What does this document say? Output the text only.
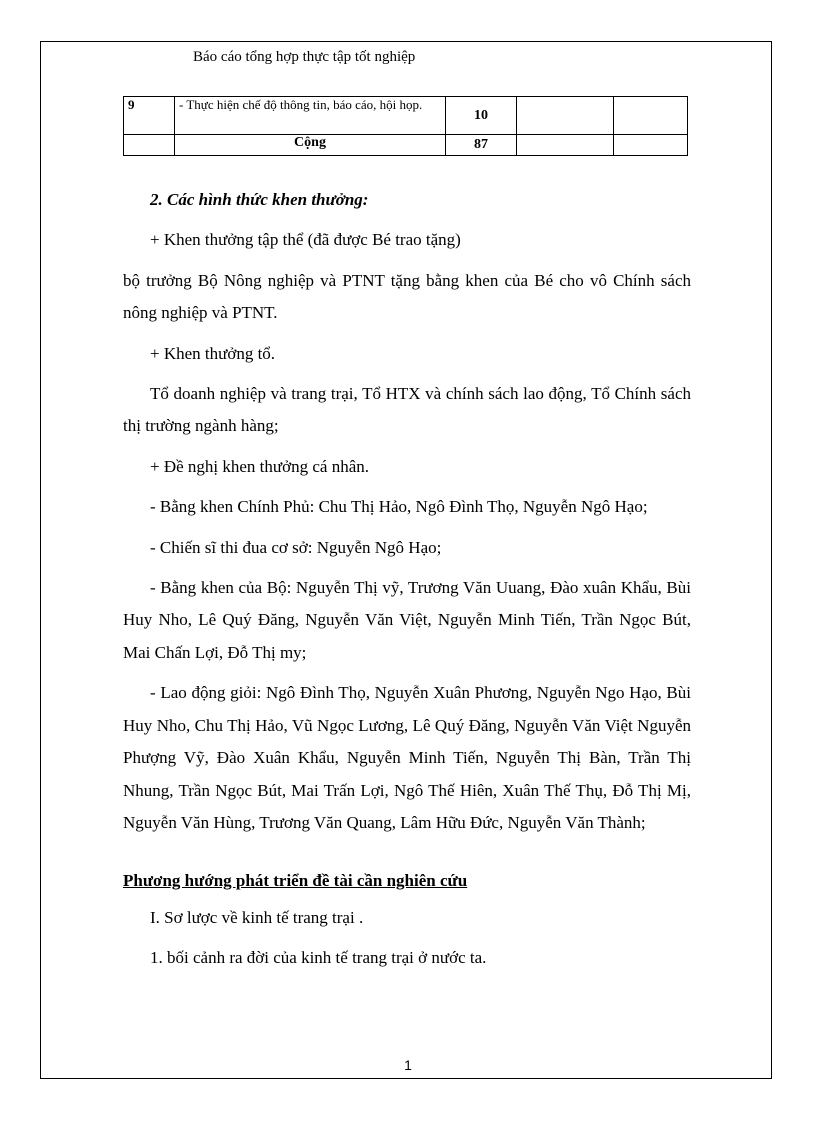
Báo cáo tổng hợp thực tập tốt nghiệp
9	- Thực hiện chế độ thông tin, báo cáo, hội họp.	10		
	Cộng	87		

2. Các hình thức khen thưởng:

+ Khen thưởng tập thể (đã được Bé trao tặng)

bộ trưởng Bộ Nông nghiệp và PTNT tặng bằng khen của Bé cho vô Chính sách nông nghiệp và PTNT.

+ Khen thưởng tổ.

Tổ doanh nghiệp và trang trại, Tổ HTX và chính sách lao động, Tổ Chính sách thị trường ngành hàng;

+ Đề nghị khen thưởng cá nhân.

- Bằng khen Chính Phủ: Chu Thị Hảo, Ngô Đình Thọ, Nguyễn Ngô Hạo;

- Chiến sĩ thi đua cơ sở: Nguyễn Ngô Hạo;

- Bằng khen của Bộ: Nguyễn Thị vỹ, Trương Văn Uuang, Đào xuân Khẩu, Bùi Huy Nho, Lê Quý Đăng, Nguyễn Văn Việt, Nguyễn Minh Tiến, Trần Ngọc Bút, Mai Chấn Lợi, Đỗ Thị my;

- Lao động giỏi: Ngô Đình Thọ, Nguyễn Xuân Phương, Nguyễn Ngo Hạo, Bùi Huy Nho, Chu Thị Hảo, Vũ Ngọc Lương, Lê Quý Đăng, Nguyễn Văn Việt Nguyễn Phượng Vỹ, Đào Xuân Khẩu, Nguyễn Minh Tiến, Nguyễn Thị Bàn, Trần Thị Nhung, Trần Ngọc Bút, Mai Trấn Lợi, Ngô Thế Hiên, Xuân Thế Thụ, Đỗ Thị Mị, Nguyễn Văn Hùng, Trương Văn Quang, Lâm Hữu Đức, Nguyễn Văn Thành;

Phương hướng phát triển đề tài cần nghiên cứu

I. Sơ lược về kinh tế trang trại .

1. bối cảnh ra đời của kinh tế trang trại ở nước ta.

1
